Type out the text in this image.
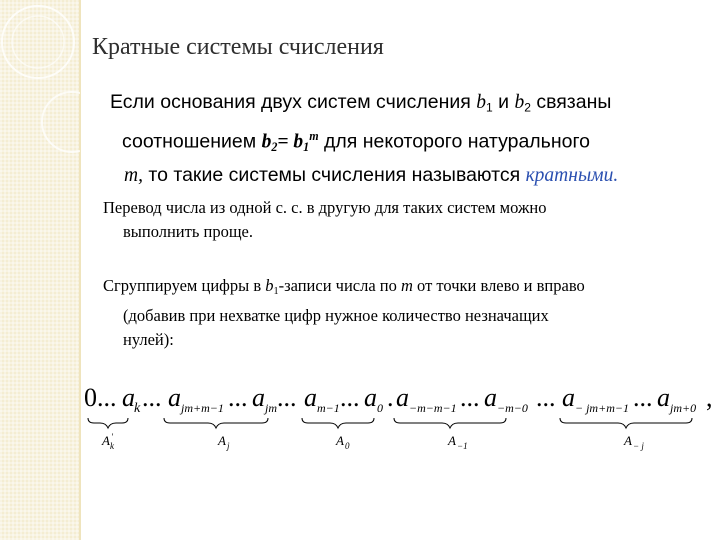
Кратные системы счисления
Если основания двух систем счисления $b_1$ и $b_2$ связаны
соотношением $b_2= b_1^m$ для некоторого натурального
m, то такие системы счисления называются кратными.
Перевод числа из одной с. с. в другую для таких систем можно
выполнить проще.
Сгруппируем цифры в $b_1$-записи числа по m от точки влево и вправо
(добавив при нехватке цифр нужное количество незначащих
нулей):
0... a k ... a jm+m−1 ... a jm ... a m−1 ... a 0 . a −m−m−1 ... a −m−0 ... a − jm+m−1 ... a jm+0 ,
A ′
k	A j	A 0	A −1	A − j
